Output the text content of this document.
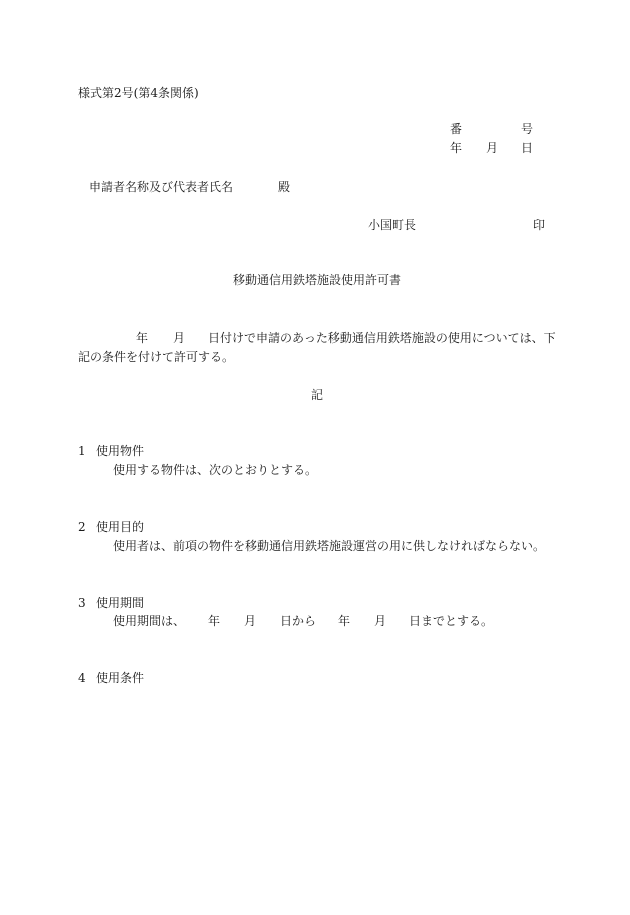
様式第2号(第4条関係)
番	号
年 月 日
申請者名称及び代表者氏名	殿
小国町長	印
移動通信用鉄塔施設使用許可書
年 月 日付けで申請のあった移動通信用鉄塔施設の使用については、下
記の条件を付けて許可する。
記
1 使用物件
使用する物件は、次のとおりとする。
2 使用目的
使用者は、前項の物件を移動通信用鉄塔施設運営の用に供しなければならない。
3 使用期間
使用期間は、 年 月 日から 年 月 日までとする。
4 使用条件
